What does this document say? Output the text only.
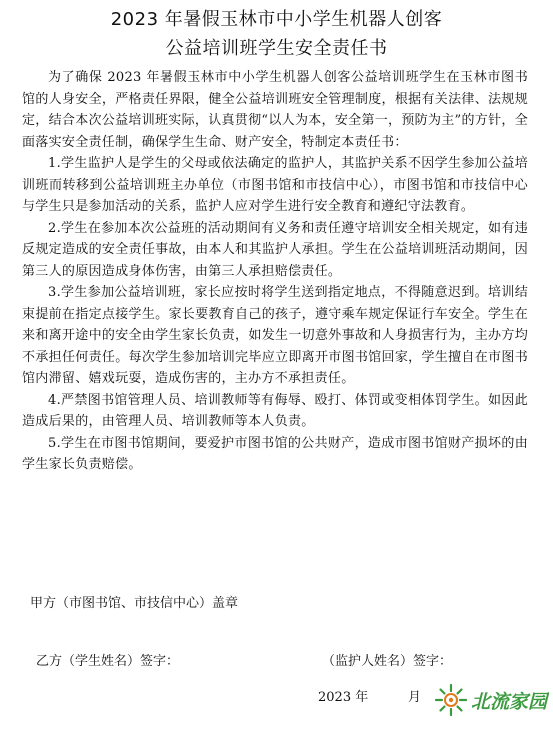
2023 年暑假玉林市中小学生机器人创客
公益培训班学生安全责任书

为了确保 2023 年暑假玉林市中小学生机器人创客公益培训班学生在玉林市图书馆的人身安全，严格责任界限，健全公益培训班安全管理制度，根据有关法律、法规规定，结合本次公益培训班实际，认真贯彻“以人为本，安全第一，预防为主”的方针，全面落实安全责任制，确保学生生命、财产安全，特制定本责任书：

1.学生监护人是学生的父母或依法确定的监护人，其监护关系不因学生参加公益培训班而转移到公益培训班主办单位（市图书馆和市技信中心），市图书馆和市技信中心与学生只是参加活动的关系，监护人应对学生进行安全教育和遵纪守法教育。

2.学生在参加本次公益班的活动期间有义务和责任遵守培训安全相关规定，如有违反规定造成的安全责任事故，由本人和其监护人承担。学生在公益培训班活动期间，因第三人的原因造成身体伤害，由第三人承担赔偿责任。

3.学生参加公益培训班，家长应按时将学生送到指定地点，不得随意迟到。培训结束提前在指定点接学生。家长要教育自己的孩子，遵守乘车规定保证行车安全。学生在来和离开途中的安全由学生家长负责，如发生一切意外事故和人身损害行为，主办方均不承担任何责任。每次学生参加培训完毕应立即离开市图书馆回家，学生擅自在市图书馆内滞留、嬉戏玩耍，造成伤害的，主办方不承担责任。

4.严禁图书馆管理人员、培训教师等有侮辱、殴打、体罚或变相体罚学生。如因此造成后果的，由管理人员、培训教师等本人负责。

5.学生在市图书馆期间，要爱护市图书馆的公共财产，造成市图书馆财产损坏的由学生家长负责赔偿。

甲方（市图书馆、市技信中心）盖章
乙方（学生姓名）签字：	（监护人姓名）签字：
2023 年	月	北流家园
